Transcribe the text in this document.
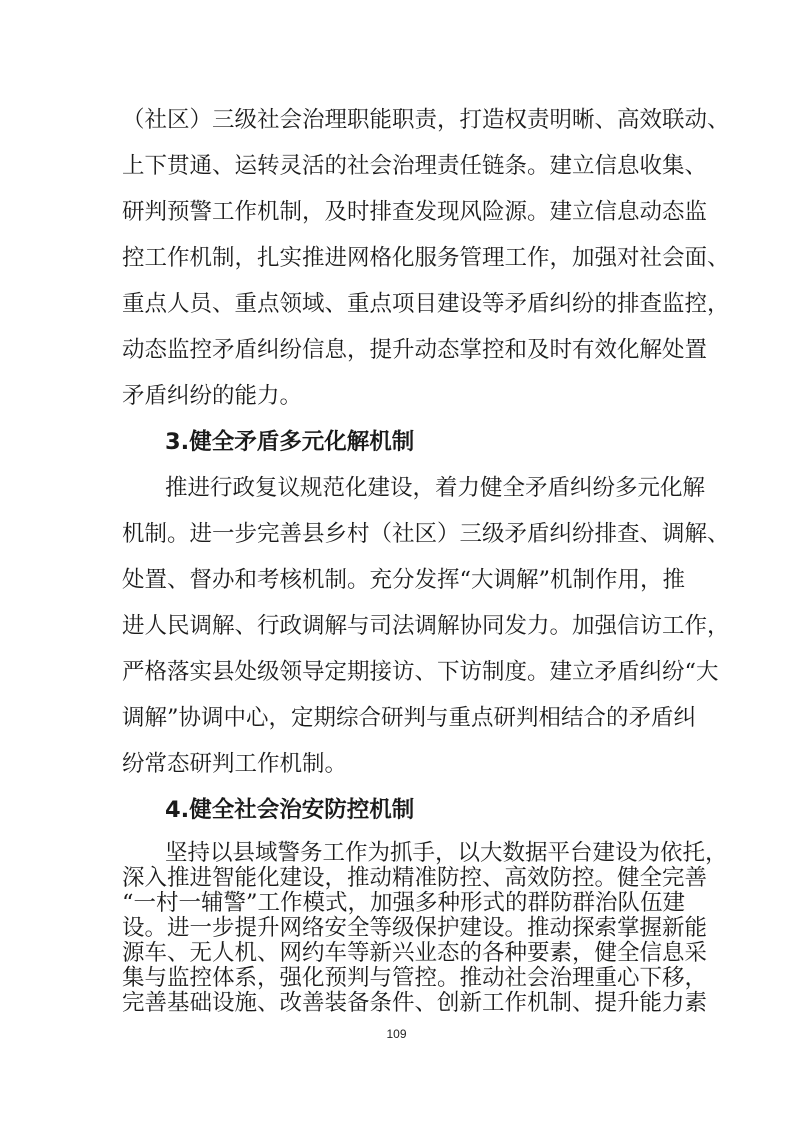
（社区）三级社会治理职能职责，打造权责明晰、高效联动、
上下贯通、运转灵活的社会治理责任链条。建立信息收集、
研判预警工作机制，及时排查发现风险源。建立信息动态监
控工作机制，扎实推进网格化服务管理工作，加强对社会面、
重点人员、重点领域、重点项目建设等矛盾纠纷的排查监控，
动态监控矛盾纠纷信息，提升动态掌控和及时有效化解处置
矛盾纠纷的能力。
3.健全矛盾多元化解机制
推进行政复议规范化建设，着力健全矛盾纠纷多元化解
机制。进一步完善县乡村（社区）三级矛盾纠纷排查、调解、
处置、督办和考核机制。充分发挥“大调解”机制作用，推
进人民调解、行政调解与司法调解协同发力。加强信访工作，
严格落实县处级领导定期接访、下访制度。建立矛盾纠纷“大
调解”协调中心，定期综合研判与重点研判相结合的矛盾纠
纷常态研判工作机制。
4.健全社会治安防控机制
坚持以县域警务工作为抓手，以大数据平台建设为依托，
深入推进智能化建设，推动精准防控、高效防控。健全完善
“一村一辅警”工作模式，加强多种形式的群防群治队伍建
设。进一步提升网络安全等级保护建设。推动探索掌握新能
源车、无人机、网约车等新兴业态的各种要素，健全信息采
集与监控体系，强化预判与管控。推动社会治理重心下移，
完善基础设施、改善装备条件、创新工作机制、提升能力素
109
